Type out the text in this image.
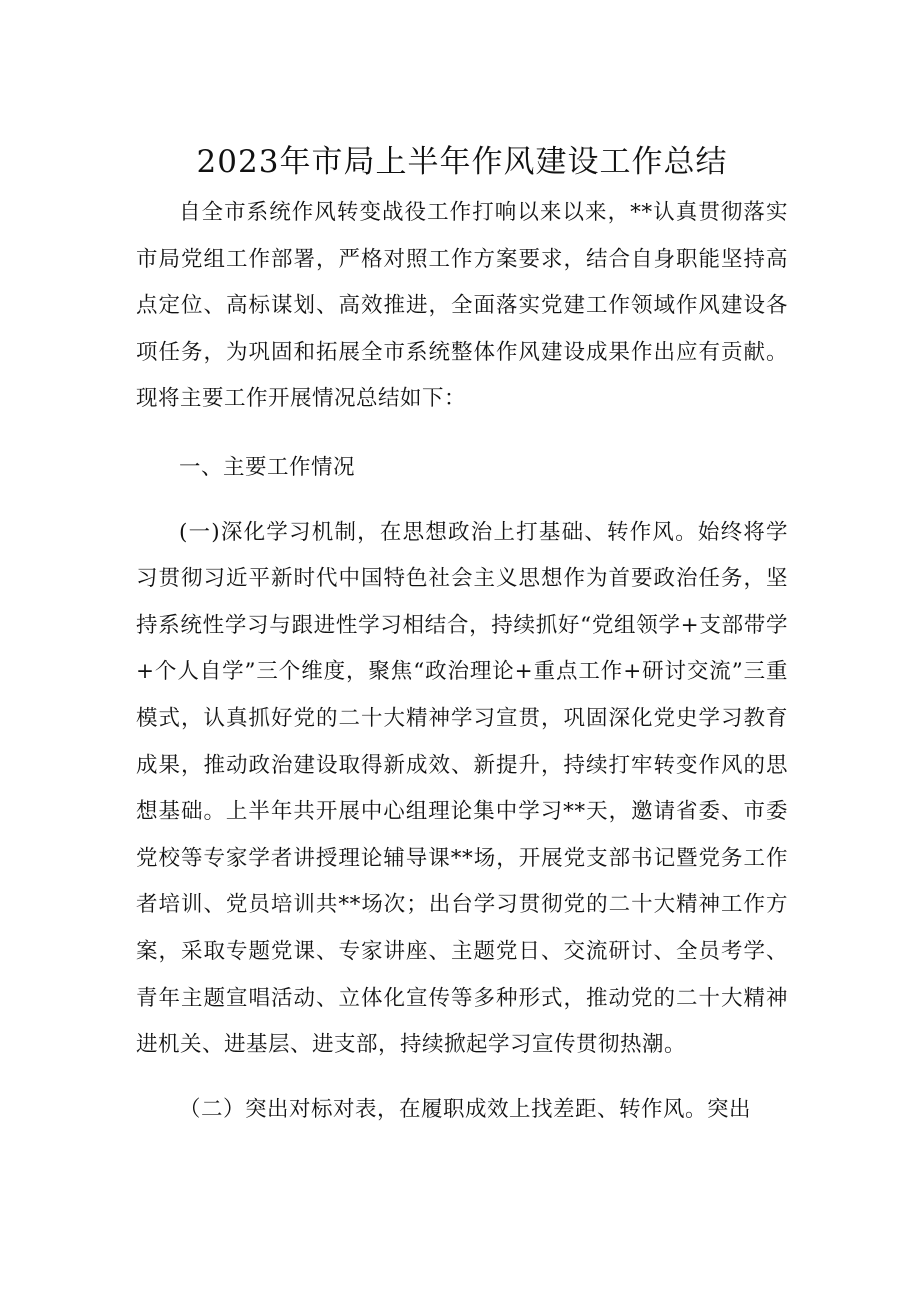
2023年市局上半年作风建设工作总结

自全市系统作风转变战役工作打响以来以来，**认真贯彻落实市局党组工作部署，严格对照工作方案要求，结合自身职能坚持高点定位、高标谋划、高效推进，全面落实党建工作领域作风建设各项任务，为巩固和拓展全市系统整体作风建设成果作出应有贡献。现将主要工作开展情况总结如下：

一、主要工作情况

(一)深化学习机制，在思想政治上打基础、转作风。始终将学习贯彻习近平新时代中国特色社会主义思想作为首要政治任务，坚持系统性学习与跟进性学习相结合，持续抓好“党组领学+支部带学+个人自学”三个维度，聚焦“政治理论+重点工作+研讨交流”三重模式，认真抓好党的二十大精神学习宣贯，巩固深化党史学习教育成果，推动政治建设取得新成效、新提升，持续打牢转变作风的思想基础。上半年共开展中心组理论集中学习**天，邀请省委、市委党校等专家学者讲授理论辅导课**场，开展党支部书记暨党务工作者培训、党员培训共**场次；出台学习贯彻党的二十大精神工作方案，采取专题党课、专家讲座、主题党日、交流研讨、全员考学、青年主题宣唱活动、立体化宣传等多种形式，推动党的二十大精神进机关、进基层、进支部，持续掀起学习宣传贯彻热潮。

（二）突出对标对表，在履职成效上找差距、转作风。突出
